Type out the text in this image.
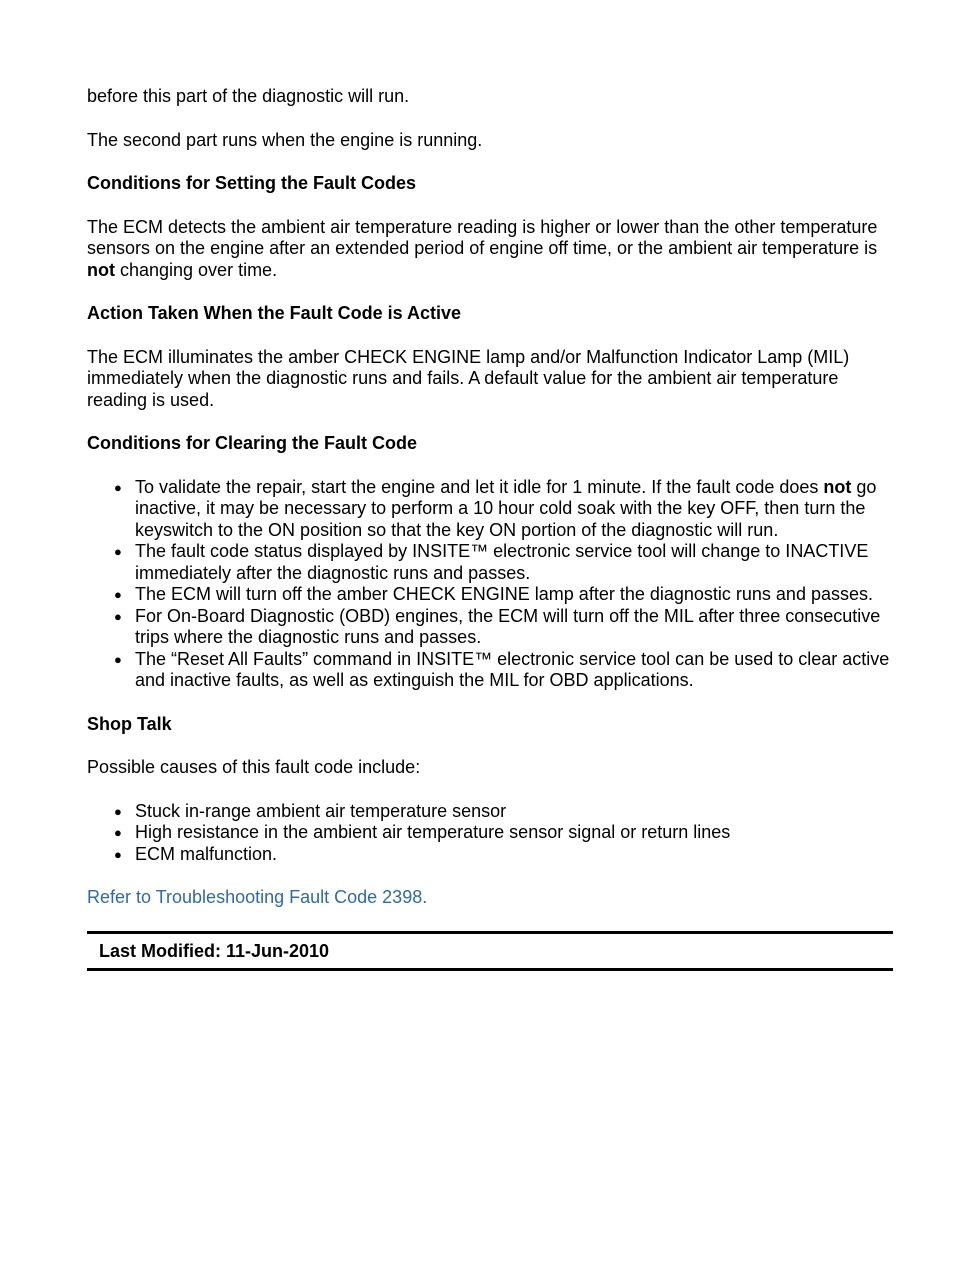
before this part of the diagnostic will run.

The second part runs when the engine is running.

Conditions for Setting the Fault Codes

The ECM detects the ambient air temperature reading is higher or lower than the other temperature sensors on the engine after an extended period of engine off time, or the ambient air temperature is not changing over time.

Action Taken When the Fault Code is Active

The ECM illuminates the amber CHECK ENGINE lamp and/or Malfunction Indicator Lamp (MIL) immediately when the diagnostic runs and fails. A default value for the ambient air temperature reading is used.

Conditions for Clearing the Fault Code
● To validate the repair, start the engine and let it idle for 1 minute. If the fault code does not go inactive, it may be necessary to perform a 10 hour cold soak with the key OFF, then turn the keyswitch to the ON position so that the key ON portion of the diagnostic will run.
● The fault code status displayed by INSITE™ electronic service tool will change to INACTIVE immediately after the diagnostic runs and passes.
● The ECM will turn off the amber CHECK ENGINE lamp after the diagnostic runs and passes.
● For On-Board Diagnostic (OBD) engines, the ECM will turn off the MIL after three consecutive trips where the diagnostic runs and passes.
● The “Reset All Faults” command in INSITE™ electronic service tool can be used to clear active and inactive faults, as well as extinguish the MIL for OBD applications.
Shop Talk

Possible causes of this fault code include:

● Stuck in-range ambient air temperature sensor
● High resistance in the ambient air temperature sensor signal or return lines
● ECM malfunction.

Refer to Troubleshooting Fault Code 2398.

Last Modified: 11-Jun-2010
